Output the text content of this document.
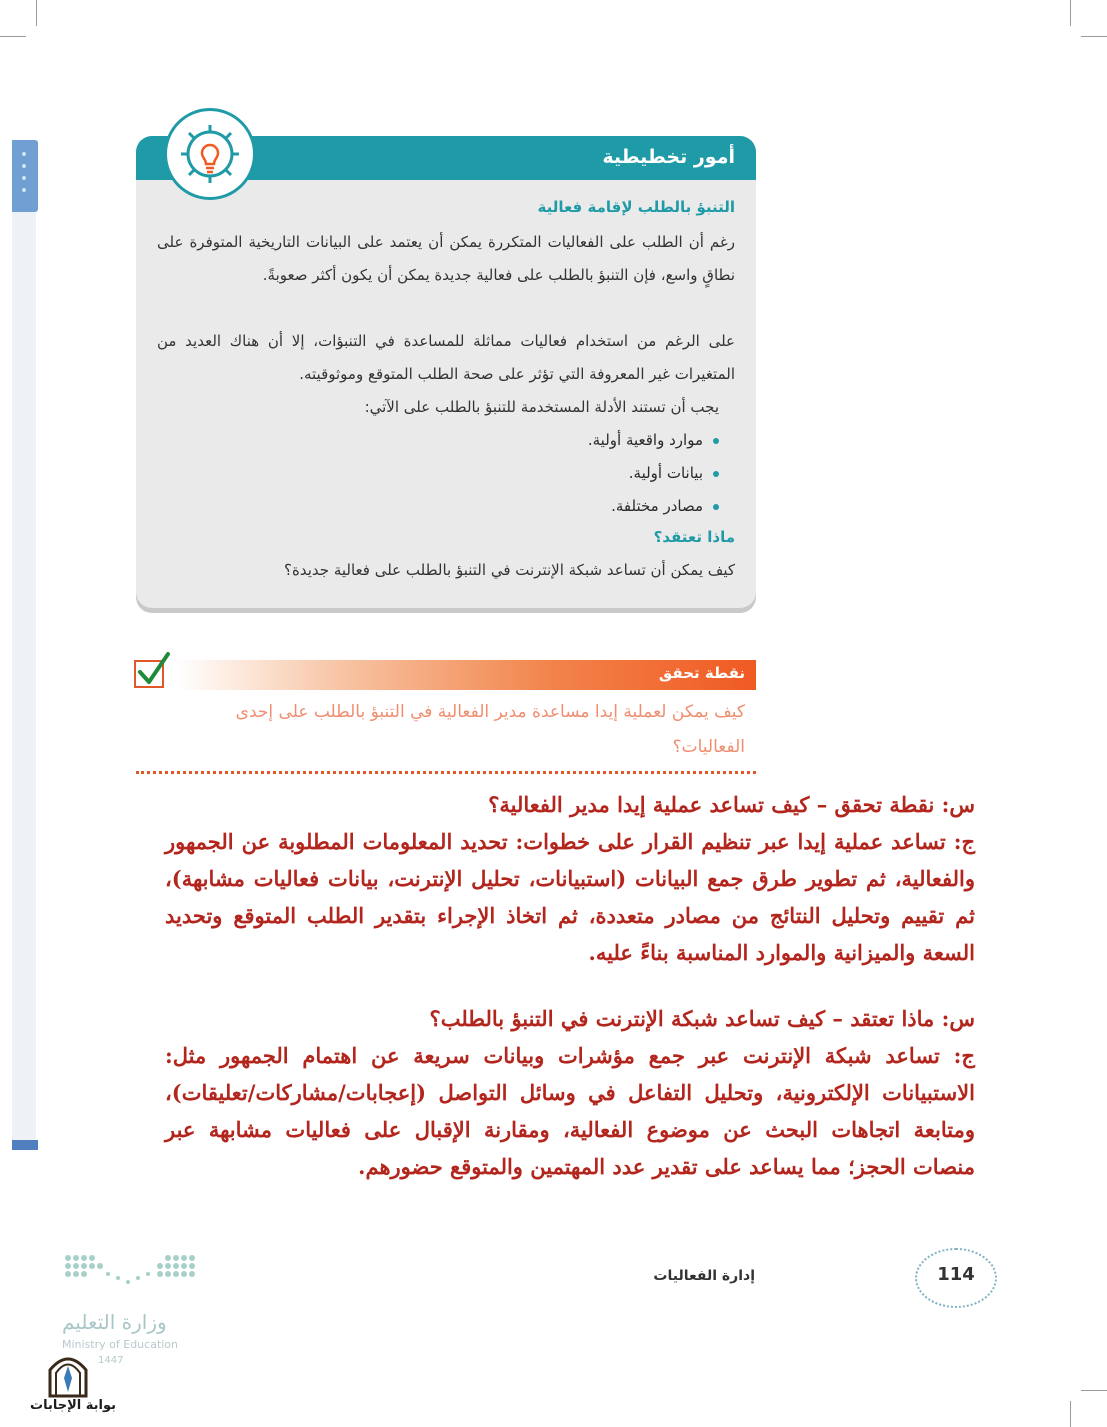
أمور تخطيطية
التنبؤ بالطلب لإقامة فعالية
رغم أن الطلب على الفعاليات المتكررة يمكن أن يعتمد على البيانات التاريخية المتوفرة على نطاقٍ واسع، فإن التنبؤ بالطلب على فعالية جديدة يمكن أن يكون أكثر صعوبةً.
على الرغم من استخدام فعاليات مماثلة للمساعدة في التنبؤات، إلا أن هناك العديد من المتغيرات غير المعروفة التي تؤثر على صحة الطلب المتوقع وموثوقيته.
يجب أن تستند الأدلة المستخدمة للتنبؤ بالطلب على الآتي:
موارد واقعية أولية.
بيانات أولية.
مصادر مختلفة.
ماذا تعتقد؟
كيف يمكن أن تساعد شبكة الإنترنت في التنبؤ بالطلب على فعالية جديدة؟
نقطة تحقق
كيف يمكن لعملية إيدا مساعدة مدير الفعالية في التنبؤ بالطلب على إحدى الفعاليات؟

س: نقطة تحقق – كيف تساعد عملية إيدا مدير الفعالية؟

ج: تساعد عملية إيدا عبر تنظيم القرار على خطوات: تحديد المعلومات المطلوبة عن الجمهور والفعالية، ثم تطوير طرق جمع البيانات (استبيانات، تحليل الإنترنت، بيانات فعاليات مشابهة)، ثم تقييم وتحليل النتائج من مصادر متعددة، ثم اتخاذ الإجراء بتقدير الطلب المتوقع وتحديد السعة والميزانية والموارد المناسبة بناءً عليه.

س: ماذا تعتقد – كيف تساعد شبكة الإنترنت في التنبؤ بالطلب؟

ج: تساعد شبكة الإنترنت عبر جمع مؤشرات وبيانات سريعة عن اهتمام الجمهور مثل: الاستبيانات الإلكترونية، وتحليل التفاعل في وسائل التواصل (إعجابات/مشاركات/تعليقات)، ومتابعة اتجاهات البحث عن موضوع الفعالية، ومقارنة الإقبال على فعاليات مشابهة عبر منصات الحجز؛ مما يساعد على تقدير عدد المهتمين والمتوقع حضورهم.

إدارة الفعاليات	114
وزارة التعليم
Ministry of Education
1447
بوابة الإجابات
